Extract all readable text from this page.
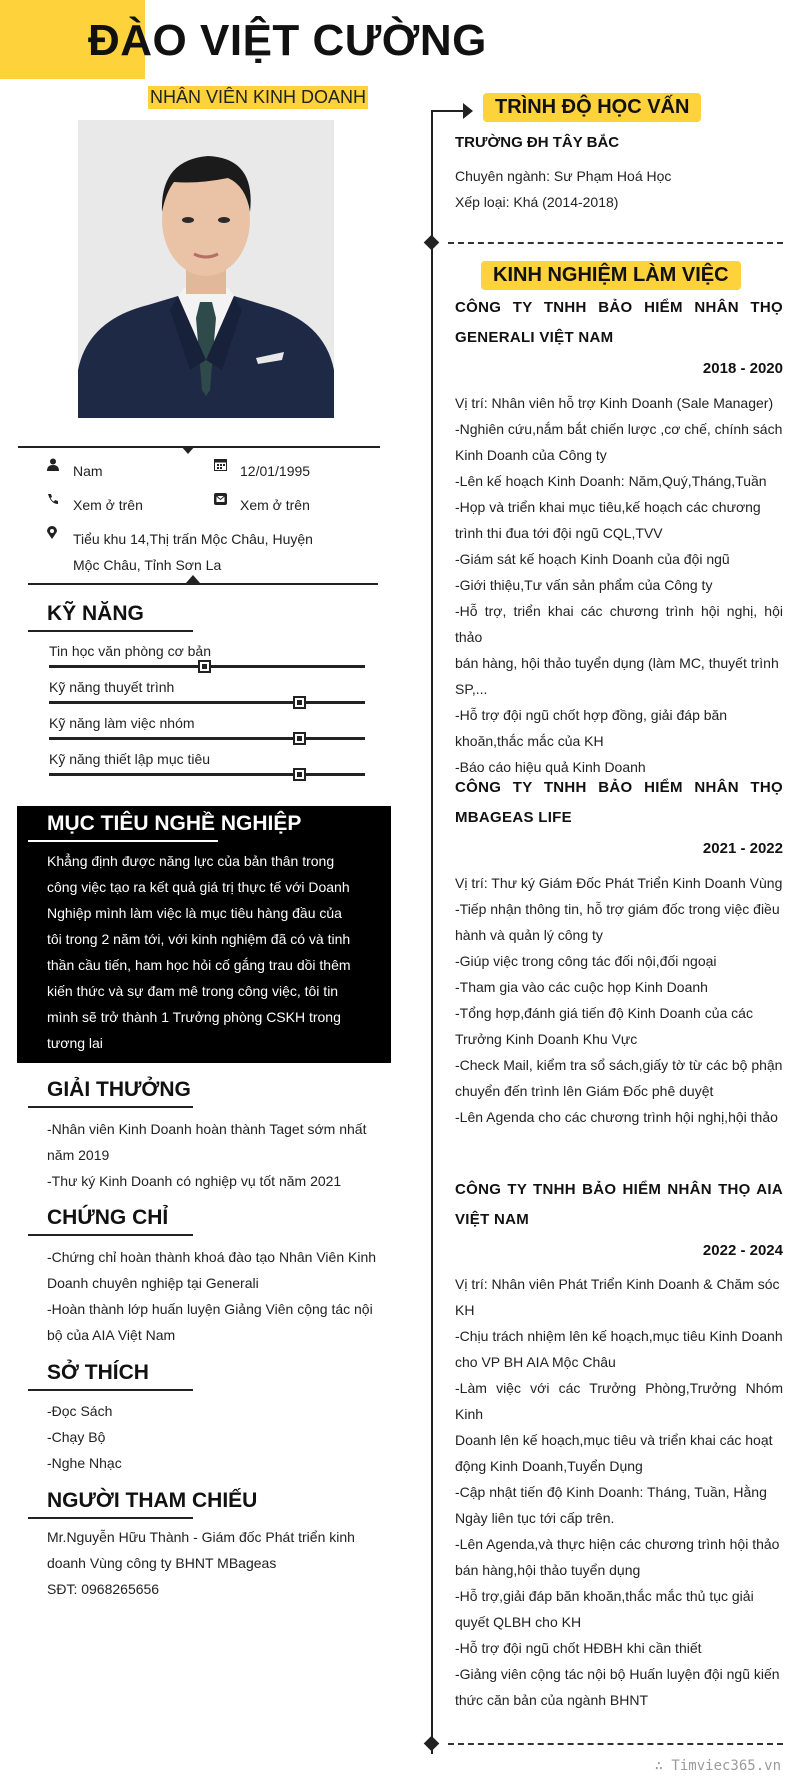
ĐÀO VIỆT CƯỜNG
NHÂN VIÊN KINH DOANH
Nam	12/01/1995
Xem ở trên	Xem ở trên
Tiểu khu 14,Thị trấn Mộc Châu, Huyện
Mộc Châu, Tỉnh Sơn La
KỸ NĂNG
Tin học văn phòng cơ bản
Kỹ năng thuyết trình
Kỹ năng làm việc nhóm
Kỹ năng thiết lập mục tiêu
MỤC TIÊU NGHỀ NGHIỆP
Khẳng định được năng lực của bản thân trong
công việc tạo ra kết quả giá trị thực tế với Doanh
Nghiệp mình làm việc là mục tiêu hàng đầu của
tôi trong 2 năm tới, với kinh nghiệm đã có và tinh
thần cầu tiến, ham học hỏi cố gắng trau dồi thêm
kiến thức và sự đam mê trong công việc, tôi tin
mình sẽ trở thành 1 Trưởng phòng CSKH trong
tương lai
GIẢI THƯỞNG
-Nhân viên Kinh Doanh hoàn thành Taget sớm nhất
năm 2019
-Thư ký Kinh Doanh có nghiệp vụ tốt năm 2021
CHỨNG CHỈ
-Chứng chỉ hoàn thành khoá đào tạo Nhân Viên Kinh
Doanh chuyên nghiệp tại Generali
-Hoàn thành lớp huấn luyện Giảng Viên cộng tác nội
bộ của AIA Việt Nam
SỞ THÍCH
-Đọc Sách
-Chạy Bộ
-Nghe Nhạc
NGƯỜI THAM CHIẾU
Mr.Nguyễn Hữu Thành - Giám đốc Phát triển kinh
doanh Vùng công ty BHNT MBageas
SĐT: 0968265656
TRÌNH ĐỘ HỌC VẤN
TRƯỜNG ĐH TÂY BẮC
Chuyên ngành: Sư Phạm Hoá Học
Xếp loại: Khá (2014-2018)
KINH NGHIỆM LÀM VIỆC
CÔNG TY TNHH BẢO HIỂM NHÂN THỌ GENERALI VIỆT NAM
2018 - 2020
Vị trí: Nhân viên hỗ trợ Kinh Doanh (Sale Manager)
-Nghiên cứu,nắm bắt chiến lược ,cơ chế, chính sách
Kinh Doanh của Công ty
-Lên kế hoạch Kinh Doanh: Năm,Quý,Tháng,Tuần
-Họp và triển khai mục tiêu,kế hoạch các chương
trình thi đua tới đội ngũ CQL,TVV
-Giám sát kế hoạch Kinh Doanh của đội ngũ
-Giới thiệu,Tư vấn sản phẩm của Công ty
-Hỗ trợ, triển khai các chương trình hội nghị, hội thảo
bán hàng, hội thảo tuyển dụng (làm MC, thuyết trình
SP,...
-Hỗ trợ đội ngũ chốt hợp đồng, giải đáp băn
khoăn,thắc mắc của KH
-Báo cáo hiệu quả Kinh Doanh
CÔNG TY TNHH BẢO HIỂM NHÂN THỌ MBAGEAS LIFE
2021 - 2022
Vị trí: Thư ký Giám Đốc Phát Triển Kinh Doanh Vùng
-Tiếp nhận thông tin, hỗ trợ giám đốc trong việc điều
hành và quản lý công ty
-Giúp việc trong công tác đối nội,đối ngoại
-Tham gia vào các cuộc họp Kinh Doanh
-Tổng hợp,đánh giá tiến độ Kinh Doanh của các
Trưởng Kinh Doanh Khu Vực
-Check Mail, kiểm tra sổ sách,giấy tờ từ các bộ phận
chuyển đến trình lên Giám Đốc phê duyệt
-Lên Agenda cho các chương trình hội nghị,hội thảo
CÔNG TY TNHH BẢO HIỂM NHÂN THỌ AIA VIỆT NAM
2022 - 2024
Vị trí: Nhân viên Phát Triển Kinh Doanh & Chăm sóc
KH
-Chịu trách nhiệm lên kế hoạch,mục tiêu Kinh Doanh
cho VP BH AIA Mộc Châu
-Làm việc với các Trưởng Phòng,Trưởng Nhóm Kinh
Doanh lên kế hoạch,mục tiêu và triển khai các hoạt
động Kinh Doanh,Tuyển Dụng
-Cập nhật tiến độ Kinh Doanh: Tháng, Tuần, Hằng
Ngày liên tục tới cấp trên.
-Lên Agenda,và thực hiện các chương trình hội thảo
bán hàng,hội thảo tuyển dụng
-Hỗ trợ,giải đáp băn khoăn,thắc mắc thủ tục giải
quyết QLBH cho KH
-Hỗ trợ đội ngũ chốt HĐBH khi cần thiết
-Giảng viên cộng tác nội bộ Huấn luyện đội ngũ kiến
thức căn bản của ngành BHNT
∴ Timviec365.vn
